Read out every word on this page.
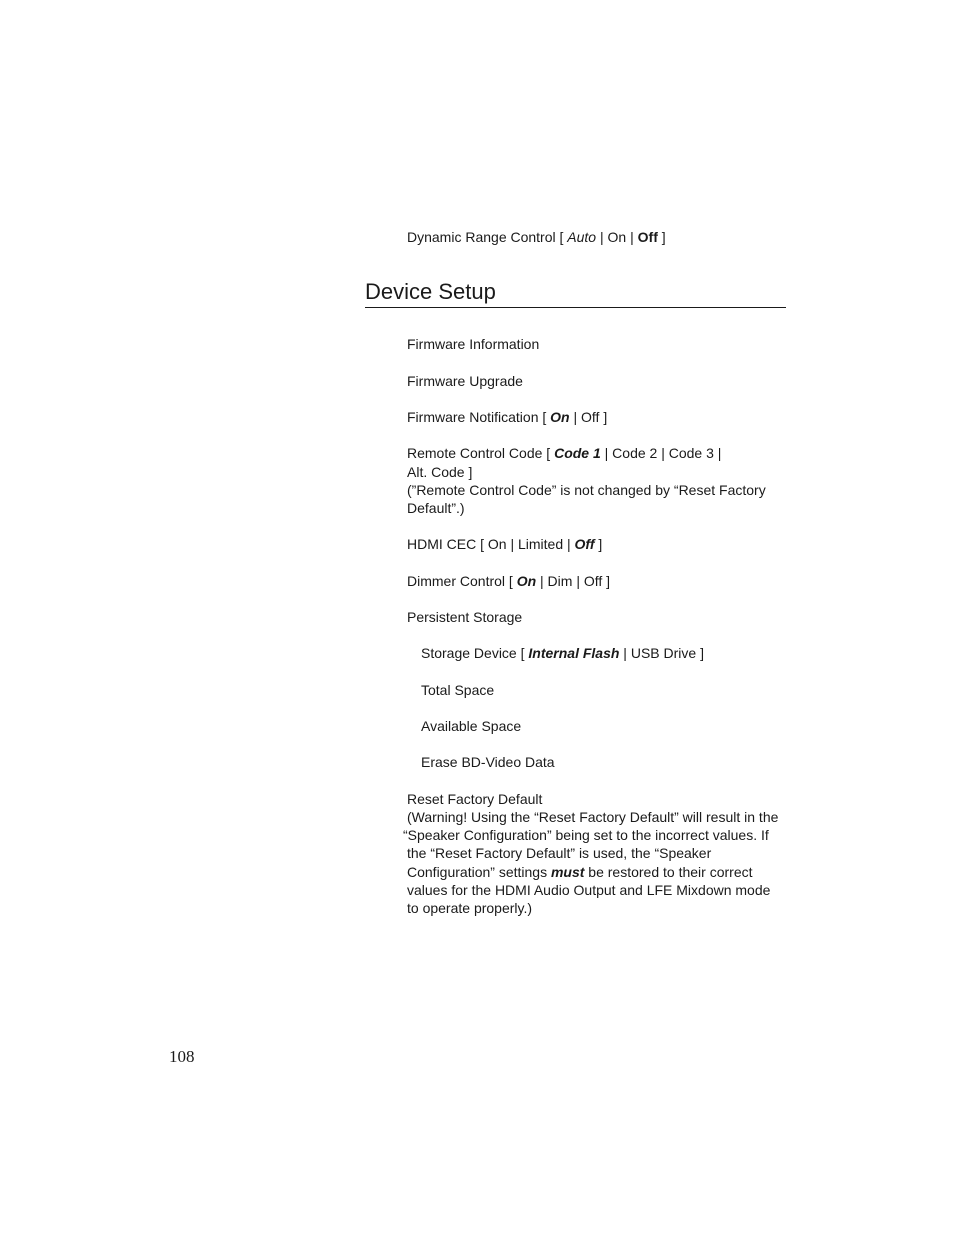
Dynamic Range Control [ Auto | On | Off ]
Device Setup
Firmware Information
Firmware Upgrade
Firmware Notification [ On | Off ]
Remote Control Code [ Code 1 | Code 2 | Code 3 |
Alt. Code ]
(”Remote Control Code” is not changed by “Reset Factory
Default”.)
HDMI CEC [ On | Limited | Off ]
Dimmer Control [ On | Dim | Off ]
Persistent Storage
Storage Device [ Internal Flash | USB Drive ]
Total Space
Available Space
Erase BD-Video Data
Reset Factory Default
(Warning! Using the “Reset Factory Default” will result in the
“Speaker Configuration” being set to the incorrect values. If
the “Reset Factory Default” is used, the “Speaker
Configuration” settings must be restored to their correct
values for the HDMI Audio Output and LFE Mixdown mode
to operate properly.)
108
